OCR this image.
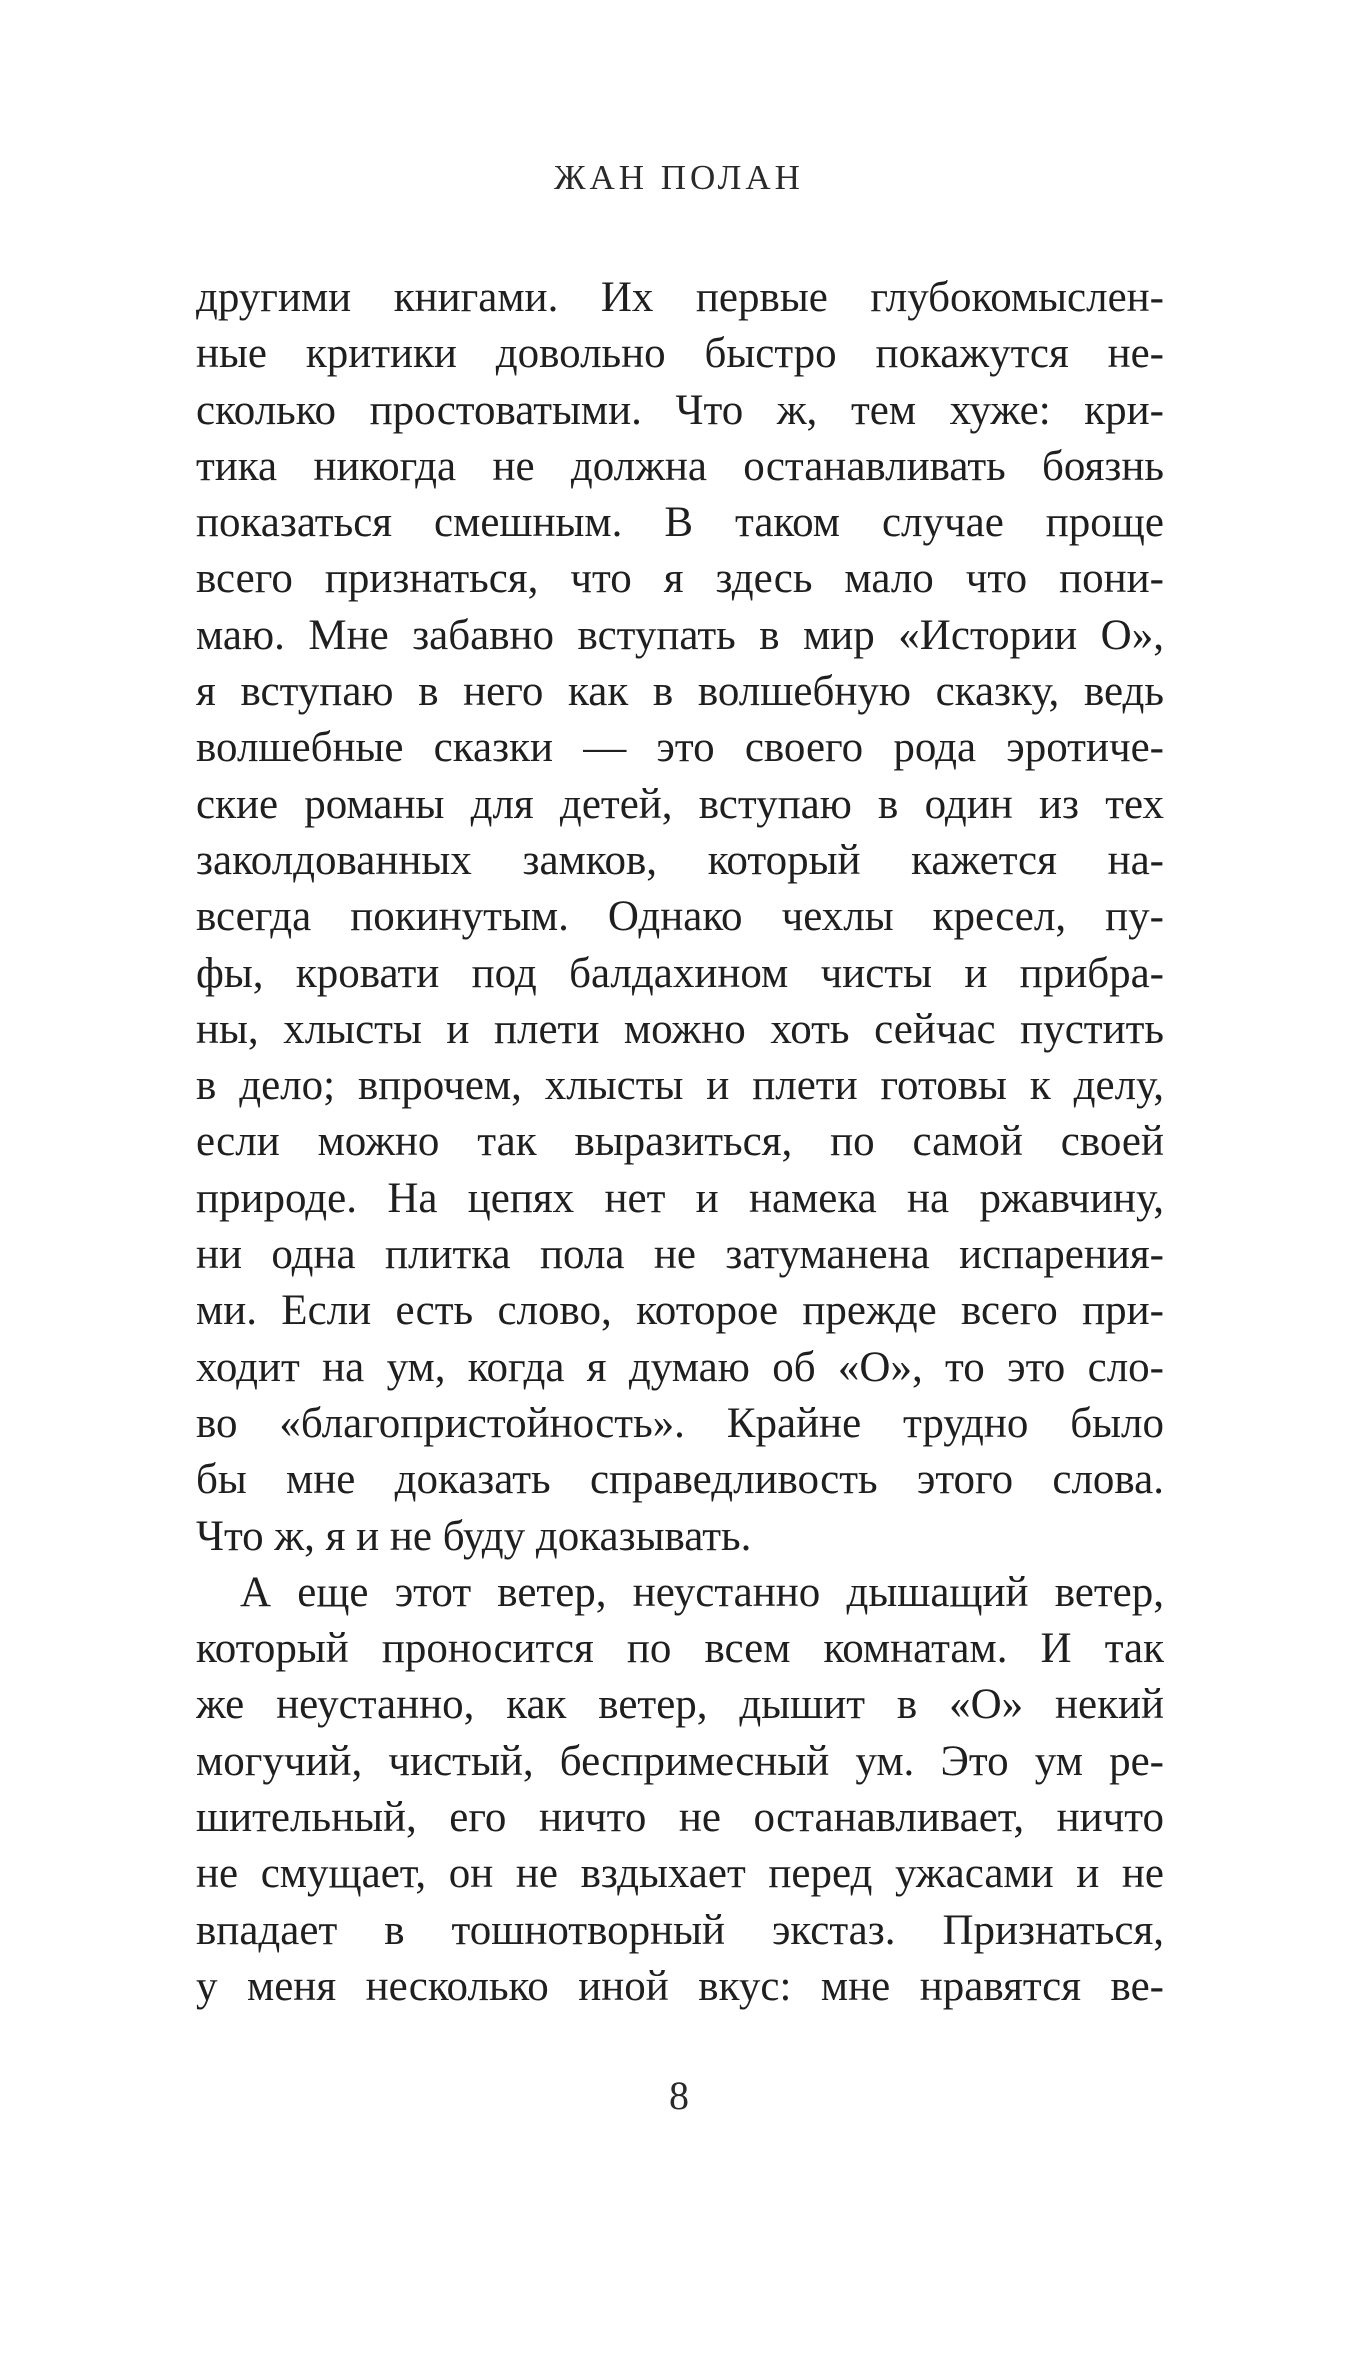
ЖАН ПОЛАН
другими книгами. Их первые глубокомыслен-
ные критики довольно быстро покажутся не-
сколько простоватыми. Что ж, тем хуже: кри-
тика никогда не должна останавливать боязнь
показаться смешным. В таком случае проще
всего признаться, что я здесь мало что пони-
маю. Мне забавно вступать в мир «Истории О»,
я вступаю в него как в волшебную сказку, ведь
волшебные сказки — это своего рода эротиче-
ские романы для детей, вступаю в один из тех
заколдованных замков, который кажется на-
всегда покинутым. Однако чехлы кресел, пу-
фы, кровати под балдахином чисты и прибра-
ны, хлысты и плети можно хоть сейчас пустить
в дело; впрочем, хлысты и плети готовы к делу,
если можно так выразиться, по самой своей
природе. На цепях нет и намека на ржавчину,
ни одна плитка пола не затуманена испарения-
ми. Если есть слово, которое прежде всего при-
ходит на ум, когда я думаю об «О», то это сло-
во «благопристойность». Крайне трудно было
бы мне доказать справедливость этого слова.
Что ж, я и не буду доказывать.
А еще этот ветер, неустанно дышащий ветер,
который проносится по всем комнатам. И так
же неустанно, как ветер, дышит в «О» некий
могучий, чистый, беспримесный ум. Это ум ре-
шительный, его ничто не останавливает, ничто
не смущает, он не вздыхает перед ужасами и не
впадает в тошнотворный экстаз. Признаться,
у меня несколько иной вкус: мне нравятся ве-
8
